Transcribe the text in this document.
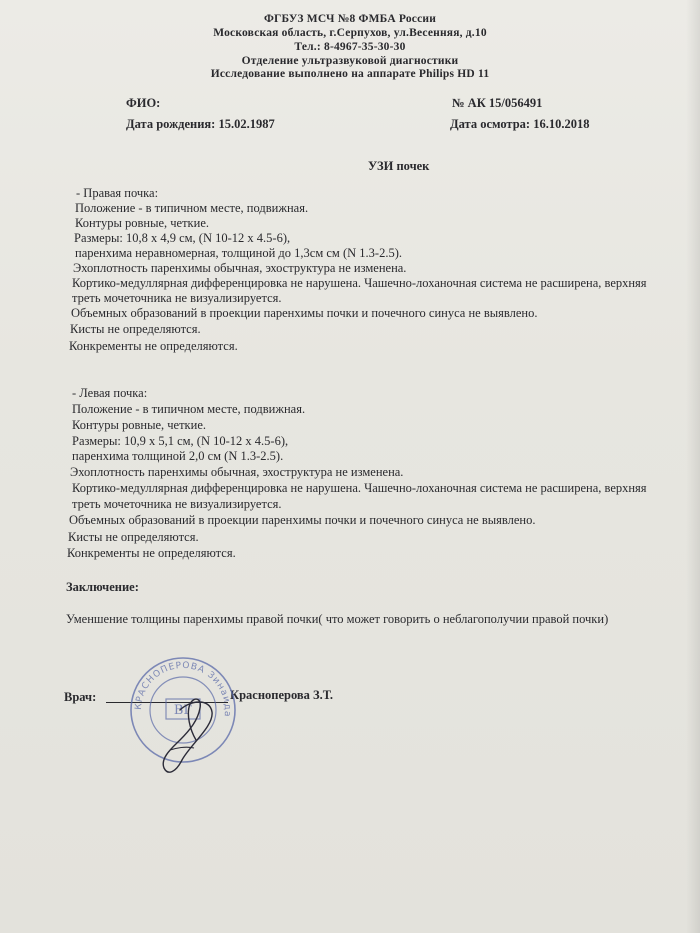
ФГБУЗ МСЧ №8 ФМБА России
Московская область, г.Серпухов, ул.Весенняя, д.10
Тел.: 8-4967-35-30-30
Отделение ультразвуковой диагностики
Исследование выполнено на аппарате Philips HD 11
ФИО:	№ АК 15/056491
Дата рождения: 15.02.1987	Дата осмотра: 16.10.2018
УЗИ почек
- Правая почка:
Положение - в типичном месте, подвижная.
Контуры ровные, четкие.
Размеры: 10,8 х 4,9 см, (N 10-12 х 4.5-6),
паренхима неравномерная, толщиной до 1,3см см (N 1.3-2.5).
Эхоплотность паренхимы обычная, эхоструктура не изменена.
Кортико-медуллярная дифференцировка не нарушена. Чашечно-лоханочная система не расширена, верхняя
треть мочеточника не визуализируется.
Объемных образований в проекции паренхимы почки и почечного синуса не выявлено.
Кисты не определяются.
Конкременты не определяются.
- Левая почка:
Положение - в типичном месте, подвижная.
Контуры ровные, четкие.
Размеры: 10,9 х 5,1 см, (N 10-12 х 4.5-6),
паренхима толщиной 2,0 см (N 1.3-2.5).
Эхоплотность паренхимы обычная, эхоструктура не изменена.
Кортико-медуллярная дифференцировка не нарушена. Чашечно-лоханочная система не расширена, верхняя
треть мочеточника не визуализируется.
Объемных образований в проекции паренхимы почки и почечного синуса не выявлено.
Кисты не определяются.
Конкременты не определяются.
Заключение:
Уменшение толщины паренхимы правой почки( что может говорить о неблагополучии правой почки)
Врач:	Красноперова З.Т.
КРАСНОПЕРОВА Зинаида
ВГ
